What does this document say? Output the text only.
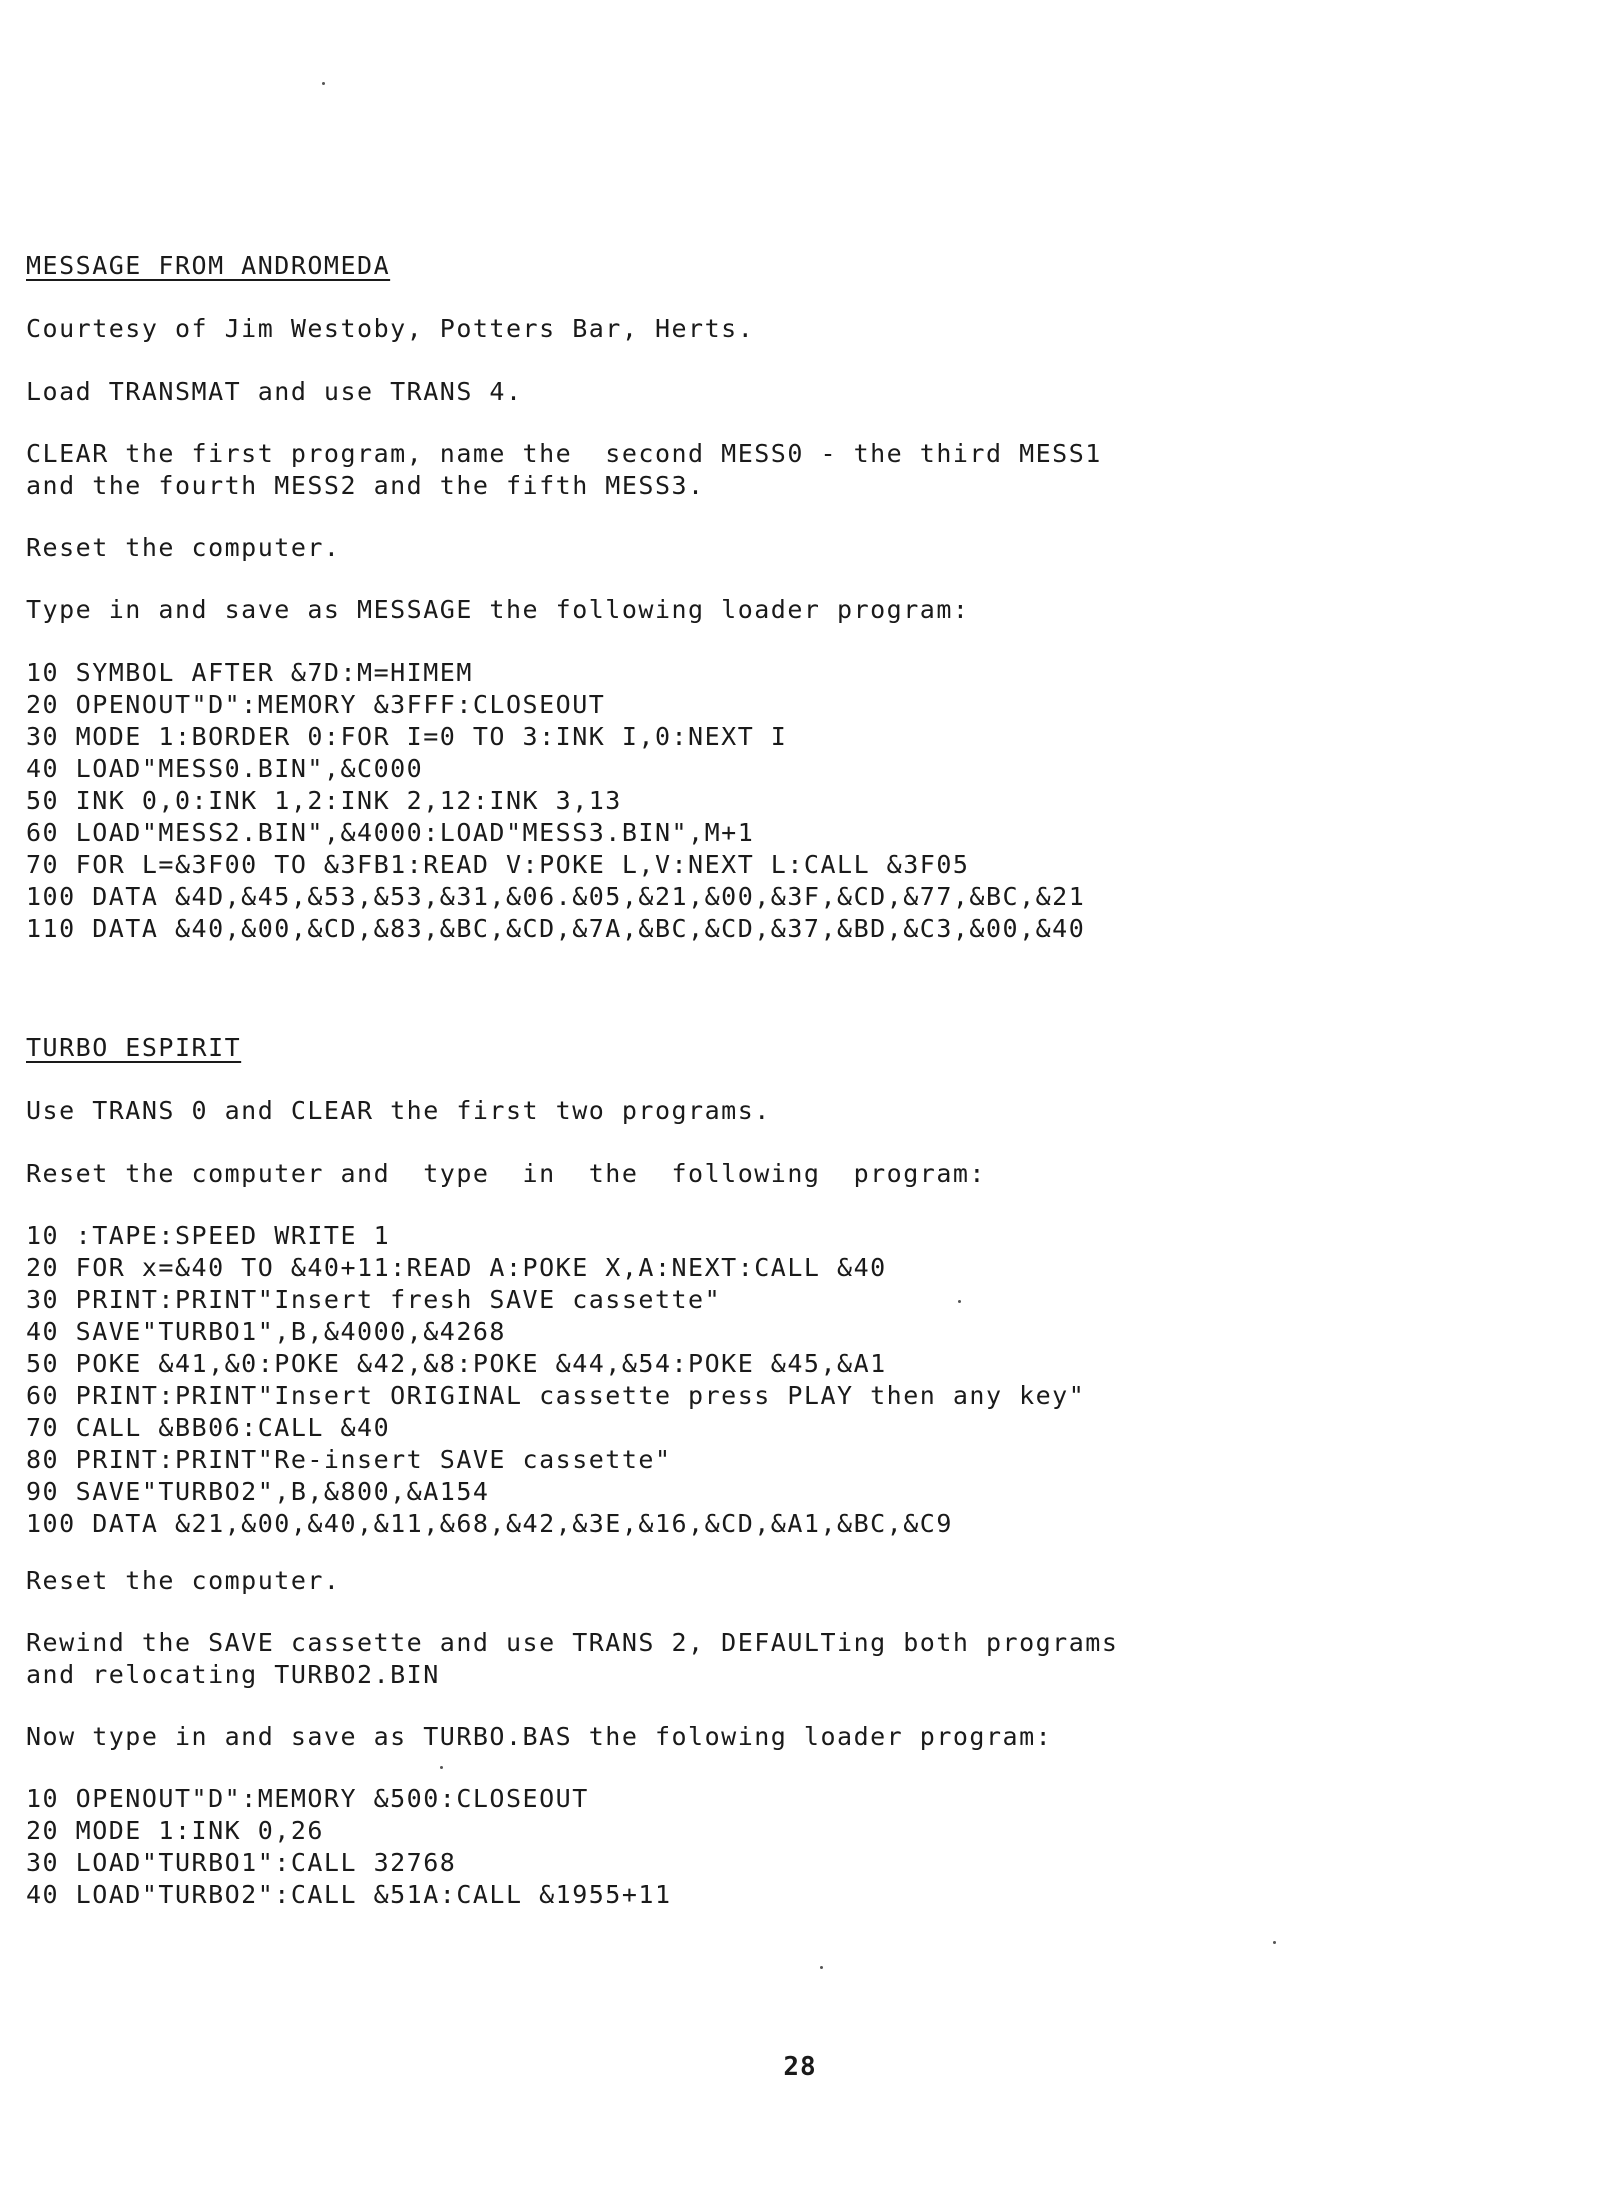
MESSAGE FROM ANDROMEDA
Courtesy of Jim Westoby, Potters Bar, Herts.
Load TRANSMAT and use TRANS 4.
CLEAR the first program, name the  second MESS0 - the third MESS1
and the fourth MESS2 and the fifth MESS3.
Reset the computer.
Type in and save as MESSAGE the following loader program:
10 SYMBOL AFTER &7D:M=HIMEM
20 OPENOUT"D":MEMORY &3FFF:CLOSEOUT
30 MODE 1:BORDER 0:FOR I=0 TO 3:INK I,0:NEXT I
40 LOAD"MESS0.BIN",&C000
50 INK 0,0:INK 1,2:INK 2,12:INK 3,13
60 LOAD"MESS2.BIN",&4000:LOAD"MESS3.BIN",M+1
70 FOR L=&3F00 TO &3FB1:READ V:POKE L,V:NEXT L:CALL &3F05
100 DATA &4D,&45,&53,&53,&31,&06.&05,&21,&00,&3F,&CD,&77,&BC,&21
110 DATA &40,&00,&CD,&83,&BC,&CD,&7A,&BC,&CD,&37,&BD,&C3,&00,&40
TURBO ESPIRIT
Use TRANS 0 and CLEAR the first two programs.
Reset the computer and  type  in  the  following  program:
10 :TAPE:SPEED WRITE 1
20 FOR x=&40 TO &40+11:READ A:POKE X,A:NEXT:CALL &40
30 PRINT:PRINT"Insert fresh SAVE cassette"
40 SAVE"TURBO1",B,&4000,&4268
50 POKE &41,&0:POKE &42,&8:POKE &44,&54:POKE &45,&A1
60 PRINT:PRINT"Insert ORIGINAL cassette press PLAY then any key"
70 CALL &BB06:CALL &40
80 PRINT:PRINT"Re-insert SAVE cassette"
90 SAVE"TURBO2",B,&800,&A154
100 DATA &21,&00,&40,&11,&68,&42,&3E,&16,&CD,&A1,&BC,&C9
Reset the computer.
Rewind the SAVE cassette and use TRANS 2, DEFAULTing both programs
and relocating TURBO2.BIN
Now type in and save as TURBO.BAS the folowing loader program:
10 OPENOUT"D":MEMORY &500:CLOSEOUT
20 MODE 1:INK 0,26
30 LOAD"TURBO1":CALL 32768
40 LOAD"TURBO2":CALL &51A:CALL &1955+11
28
